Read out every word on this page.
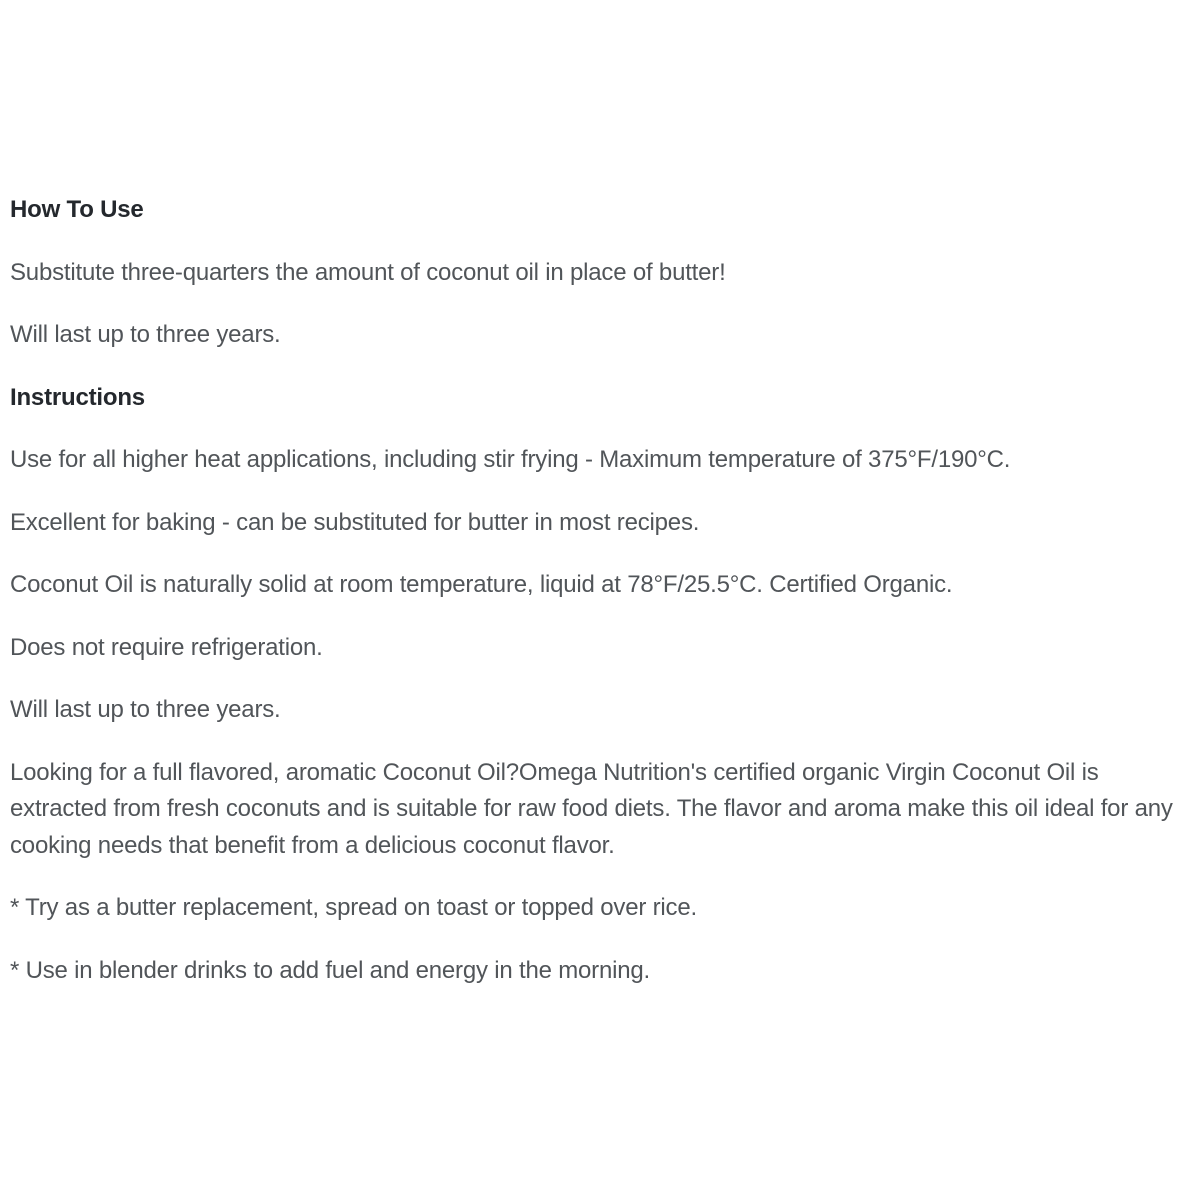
How To Use

Substitute three-quarters the amount of coconut oil in place of butter!

Will last up to three years.

Instructions

Use for all higher heat applications, including stir frying - Maximum temperature of 375°F/190°C.

Excellent for baking - can be substituted for butter in most recipes.

Coconut Oil is naturally solid at room temperature, liquid at 78°F/25.5°C. Certified Organic.

Does not require refrigeration.

Will last up to three years.

Looking for a full flavored, aromatic Coconut Oil?Omega Nutrition's certified organic Virgin Coconut Oil is extracted from fresh coconuts and is suitable for raw food diets. The flavor and aroma make this oil ideal for any cooking needs that benefit from a delicious coconut flavor.

* Try as a butter replacement, spread on toast or topped over rice.

* Use in blender drinks to add fuel and energy in the morning.
